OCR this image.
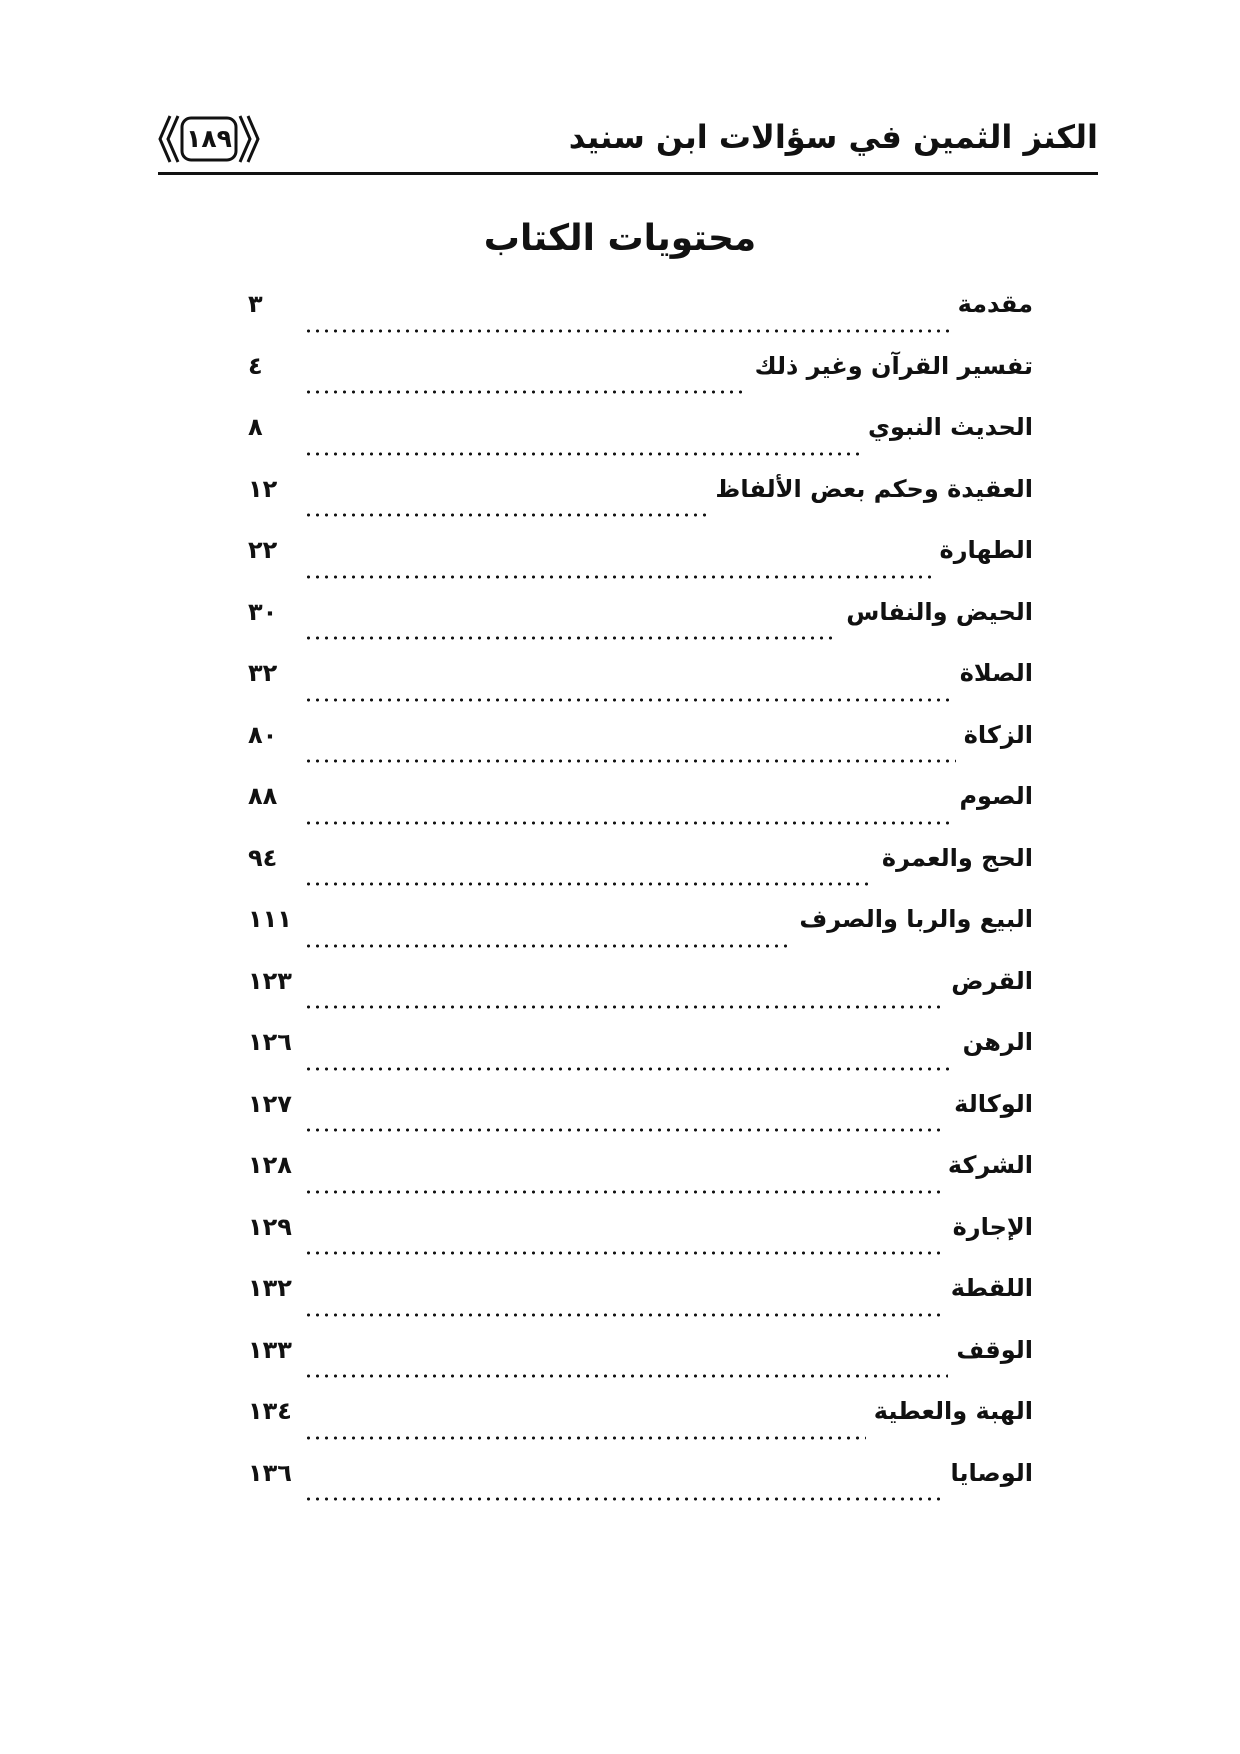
الكنز الثمين في سؤالات ابن سنيد
١٨٩
محتويات الكتاب
مقدمة
٣
تفسير القرآن وغير ذلك
٤
الحديث النبوي
٨
العقيدة وحكم بعض الألفاظ
١٢
الطهارة
٢٢
الحيض والنفاس
٣٠
الصلاة
٣٢
الزكاة
٨٠
الصوم
٨٨
الحج والعمرة
٩٤
البيع والربا والصرف
١١١
القرض
١٢٣
الرهن
١٢٦
الوكالة
١٢٧
الشركة
١٢٨
الإجارة
١٢٩
اللقطة
١٣٢
الوقف
١٣٣
الهبة والعطية
١٣٤
الوصايا
١٣٦
